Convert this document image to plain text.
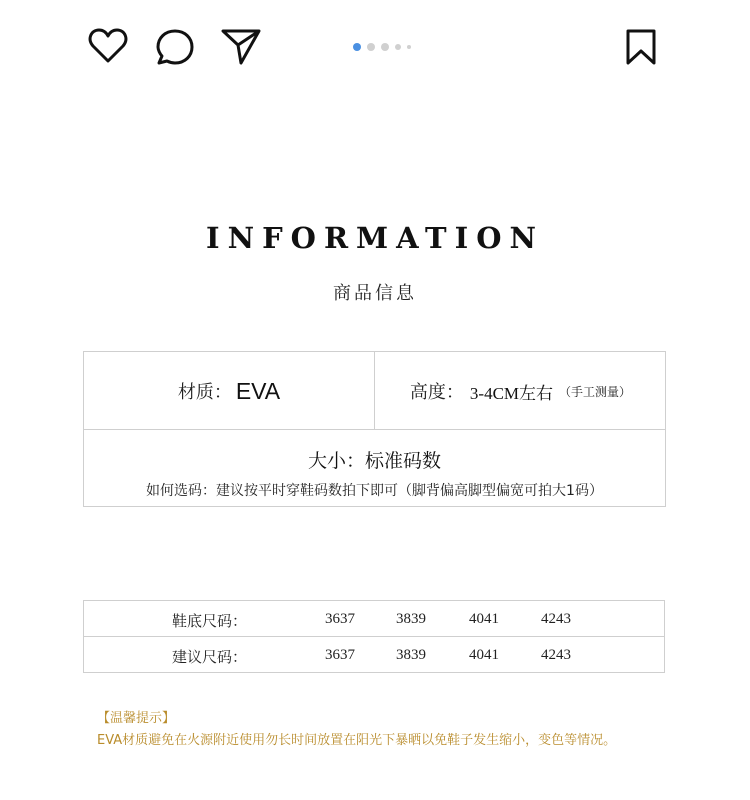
INFORMATION
商品信息
材质： EVA	高度： 3-4CM左右 （手工测量）
大小：标准码数
如何选码：建议按平时穿鞋码数拍下即可（脚背偏高脚型偏宽可拍大1码）
鞋底尺码：	3637	3839	4041	4243
建议尺码：	3637	3839	4041	4243
【温馨提示】
EVA材质避免在火源附近使用勿长时间放置在阳光下暴晒以免鞋子发生缩小，变色等情况。
